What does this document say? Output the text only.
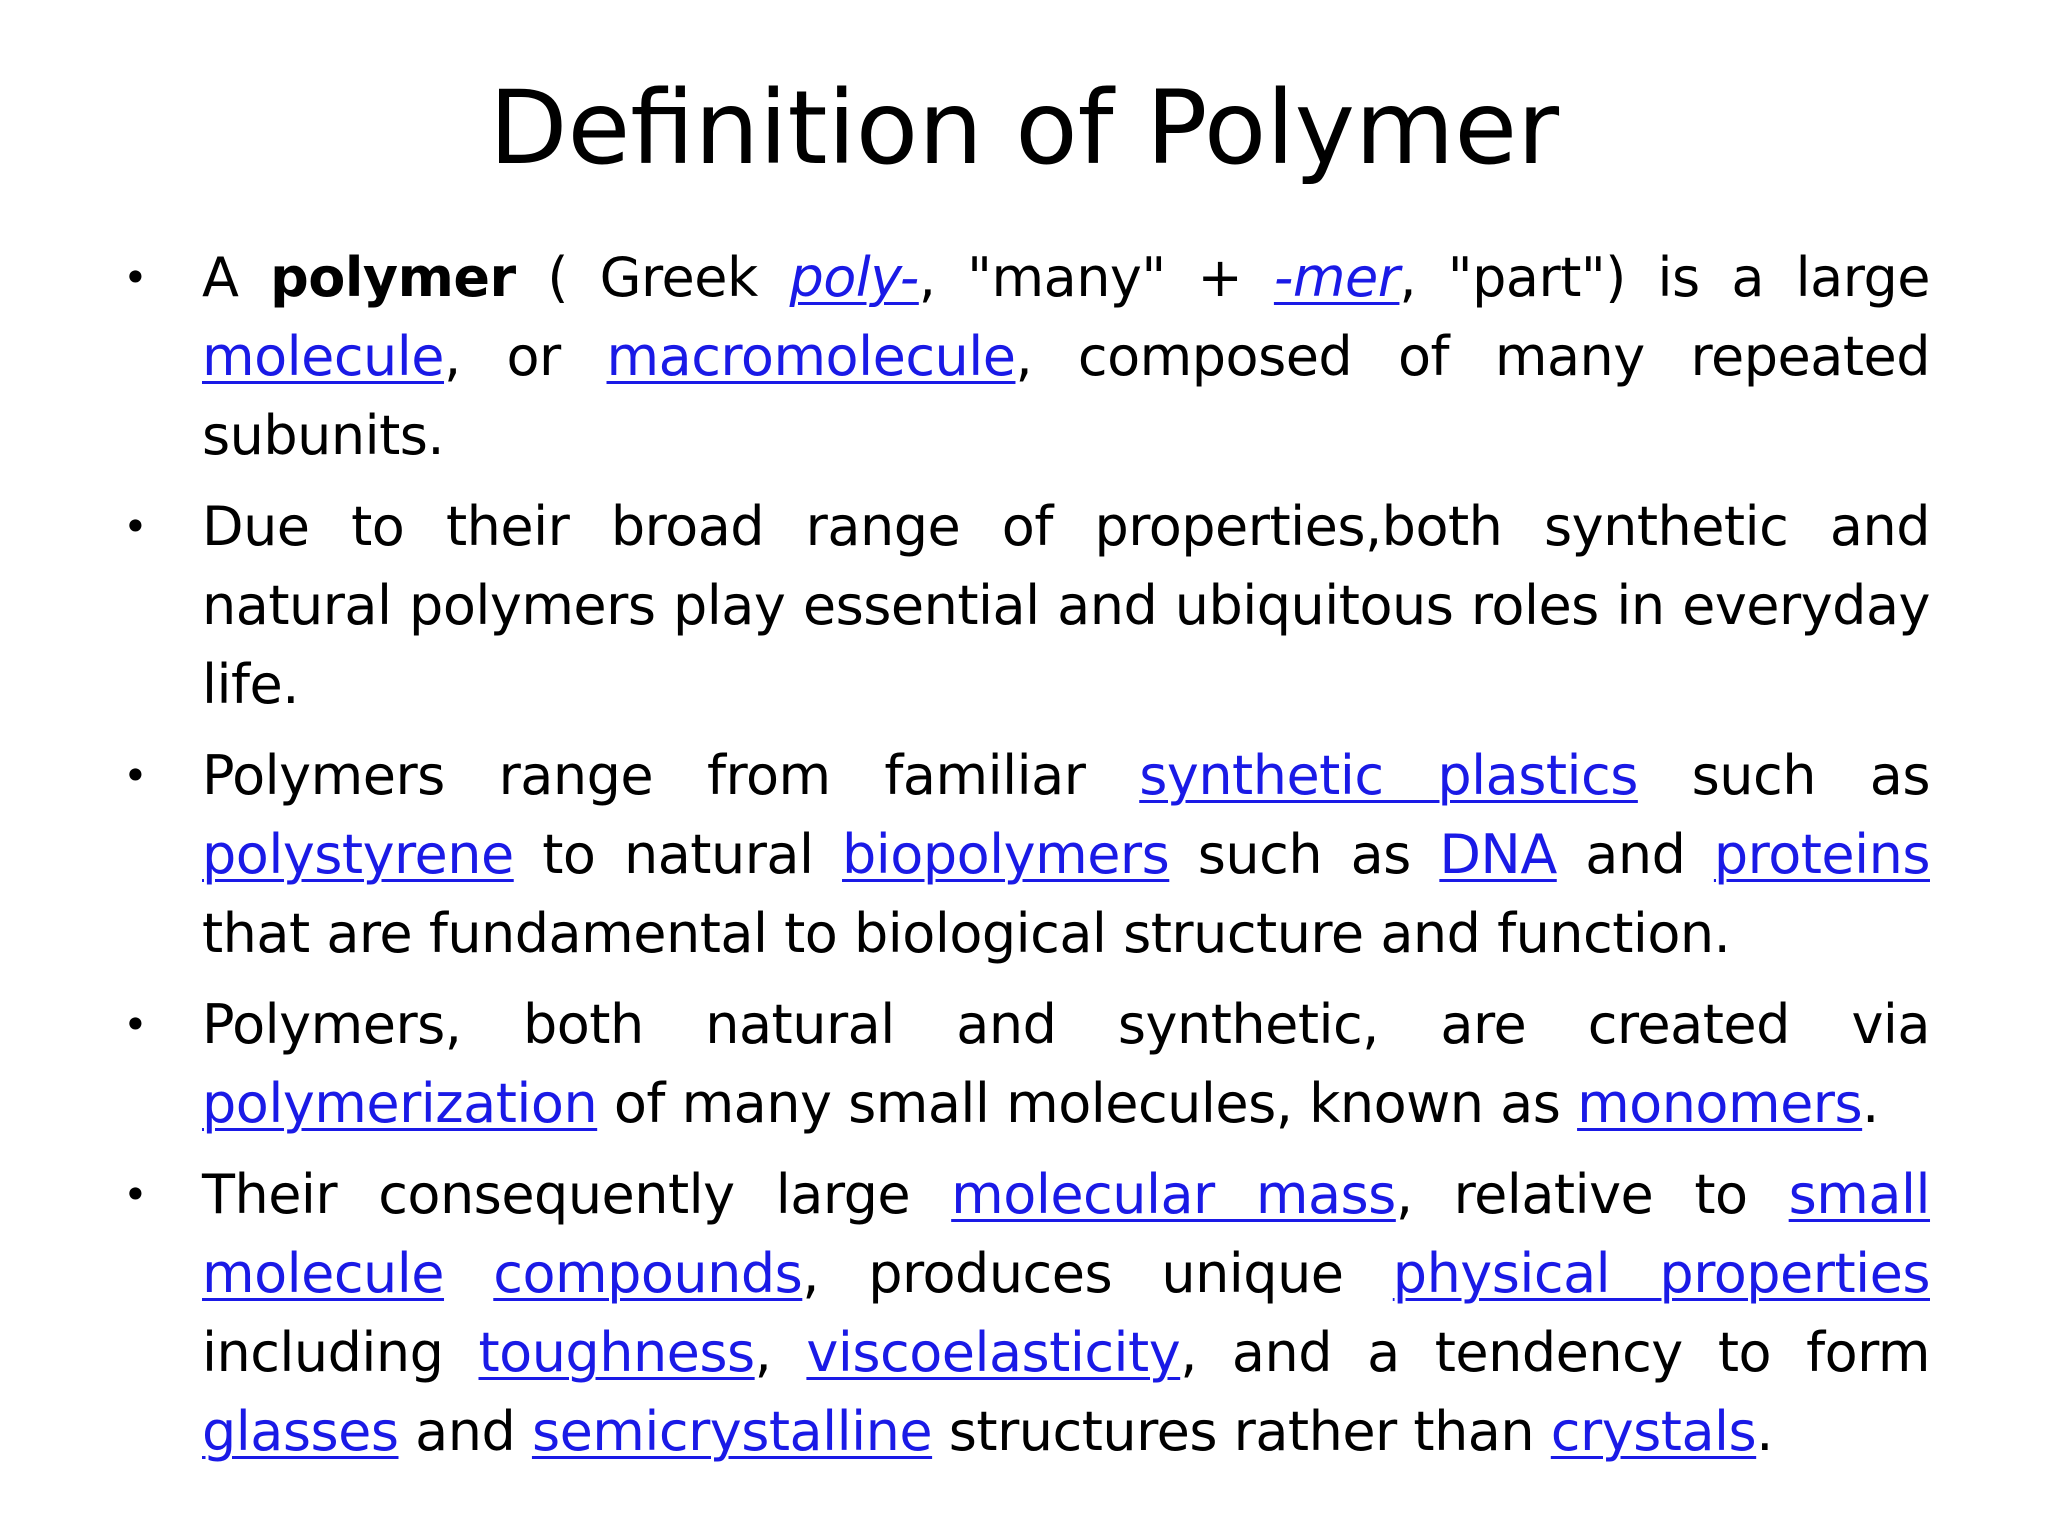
Definition of Polymer
• A polymer ( Greek poly-, "many" + -mer, "part") is a large molecule, or macromolecule, composed of many repeated subunits.
• Due to their broad range of properties,both synthetic and natural polymers play essential and ubiquitous roles in everyday life.
• Polymers range from familiar synthetic plastics such as polystyrene to natural biopolymers such as DNA and proteins that are fundamental to biological structure and function.
• Polymers, both natural and synthetic, are created via polymerization of many small molecules, known as monomers.
• Their consequently large molecular mass, relative to small molecule compounds, produces unique physical properties including toughness, viscoelasticity, and a tendency to form glasses and semicrystalline structures rather than crystals.
